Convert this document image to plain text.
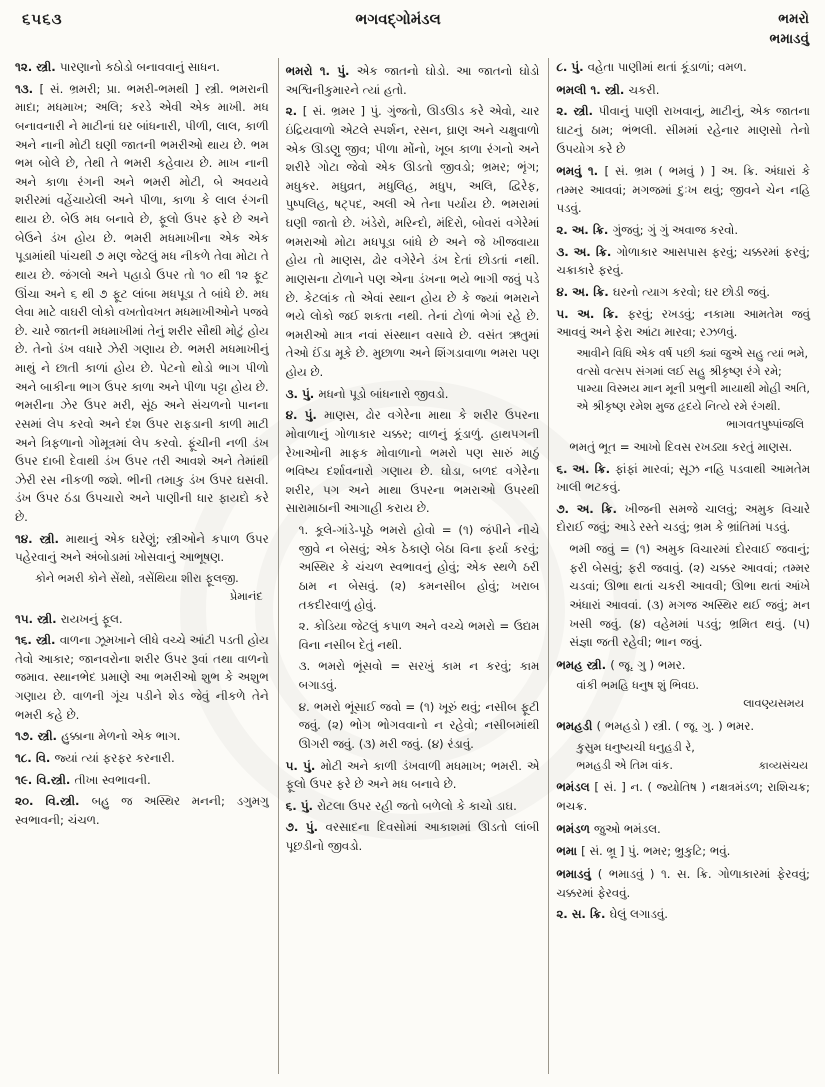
૬૫૬૩	ભગવદ્ગોમંડલ	ભમરો
ભમાડવું

૧૨. સ્ત્રી. પારણાનો કઠોડો બનાવવાનું સાધન.

૧૩. [ સં. ભ્રમરી; પ્રા. ભમરી-ભમથી ] સ્ત્રી. ભમરાની માદા; મધમાખ; અલિ; કરડે એવી એક માખી. મધ બનાવનારી ને માટીનાં ઘર બાંધનારી, પીળી, લાલ, કાળી અને નાની મોટી ઘણી જાતની ભમરીઓ થાય છે. ભમ ભમ બોલે છે, તેથી તે ભમરી કહેવાય છે. માખ નાની અને કાળા રંગની અને ભમરી મોટી, બે અવયવે શરીરમાં વહેંચાયેલી અને પીળા, કાળા કે લાલ રંગની થાય છે. બેઉ મધ બનાવે છે, ફૂલો ઉપર ફરે છે અને બેઉને ડંખ હોય છે. ભમરી મધમાખીના એક એક પૂડામાંથી પાંચથી ૭ મણ જેટલું મધ નીકળે તેવા મોટા તે થાય છે. જંગલો અને પહાડો ઉપર તો ૧૦ થી ૧૨ ફૂટ ઊંચા અને ૬ થી ૭ ફૂટ લાંબા મધપૂડા તે બાંધે છે. મધ લેવા માટે વાઘરી લોકો વખતોવખત મધમાખીઓને પજવે છે. ચારે જાતની મધમાખીમાં તેનું શરીર સૌથી મોટું હોય છે. તેનો ડંખ વધારે ઝેરી ગણાય છે. ભમરી મધમાખીનું માથું ને છાતી કાળાં હોય છે. પેટનો થોડો ભાગ પીળો અને બાકીના ભાગ ઉપર કાળા અને પીળા પટ્ટા હોય છે. ભમરીના ઝેર ઉપર મરી, સૂંઠ અને સંચળનો પાનના રસમાં લેપ કરવો અને દંશ ઉપર રાફડાની કાળી માટી અને ત્રિફળાનો ગોમૂત્રમાં લેપ કરવો. ફૂંચીની નળી ડંખ ઉપર દાબી દેવાથી ડંખ ઉપર તરી આવશે અને તેમાંથી ઝેરી રસ નીકળી જશે. ભીની તમાકુ ડંખ ઉપર ઘસવી. ડંખ ઉપર ઠંડા ઉપચારો અને પાણીની ધાર ફાયદો કરે છે.

૧૪. સ્ત્રી. માથાનું એક ઘરેણું; સ્ત્રીઓને કપાળ ઉપર પહેરવાનું અને અંબોડામાં ખોસવાનું આભૂષણ.

કોને ભમરી કોને સેંથો, ત્રસેંથિયા શીરા ફૂલજી.

પ્રેમાનંદ

૧૫. સ્ત્રી. રાયખનું ફૂલ.

૧૬. સ્ત્રી. વાળના ઝૂમખાને લીધે વચ્ચે આંટી પડતી હોય તેવો આકાર; જાનવરોના શરીર ઉપર રૂવાં તથા વાળનો જમાવ. સ્થાનભેદ પ્રમાણે આ ભમરીઓ શુભ કે અશુભ ગણાય છે. વાળની ગૂંચ પડીને શેડ જેવું નીકળે તેને ભમરી કહે છે.

૧૭. સ્ત્રી. હુક્કાના મેળનો એક ભાગ.

૧૮. વિ. જ્યાં ત્યાં ફરફર કરનારી.

૧૯. વિ.સ્ત્રી. તીખા સ્વભાવની.

૨૦. વિ.સ્ત્રી. બહુ જ અસ્થિર મનની; ડગુમગુ સ્વભાવની; ચંચળ.

ભમરો ૧. પું. એક જાતનો ઘોડો. આ જાતનો ઘોડો અશ્વિનીકુમારને ત્યાં હતો.

૨. [ સં. ભ્રમર ] પું. ગુંજતો, ઊડઊડ કરે એવો, ચાર ઇંદ્રિયવાળો એટલે સ્પર્શન, રસન, ઘ્રાણ અને ચક્ષુવાળો એક ઊડણુ જીવ; પીળા મોંનો, ખૂબ કાળા રંગનો અને શરીરે ગોટા જેવો એક ઊડતો જીવડો; ભ્રમર; ભૃંગ; મધુકર. મધુવ્રત, મધુલિહ, મધુપ, અલિ, દ્વિરેફ, પુષ્પલિહ, ષટ્પદ, અલી એ તેના પર્યાય છે. ભમરામાં ઘણી જાતો છે. ખંડેરો, મરિન્દો, મંદિરો, બોવરાં વગેરેમાં ભમરાઓ મોટા મધપૂડા બાંધે છે અને જે ખીજવાયા હોય તો માણસ, ઢોર વગેરેને ડંખ દેતાં છોડતાં નથી. માણસના ટોળાને પણ એના ડંખના ભયે ભાગી જવું પડે છે. કેટલાંક તો એવાં સ્થાન હોય છે કે જ્યાં ભમરાને ભયે લોકો જઈ શકતા નથી. તેનાં ટોળાં ભેગાં રહે છે. ભમરીઓ માત્ર નવાં સંસ્થાન વસાવે છે. વસંત ઋતુમાં તેઓ ઈંડા મૂકે છે. મુછાળા અને શિંગડાવાળા ભમરા પણ હોય છે.

૩. પું. મધનો પૂડો બાંધનારો જીવડો.

૪. પું. માણસ, ઢોર વગેરેના માથા કે શરીર ઉપરના મોવાળાનું ગોળાકાર ચક્કર; વાળનું કૂંડાળું. હાથપગની રેખાઓની માફક મોવાળાનો ભમરો પણ સારું માઠું ભવિષ્ય દર્શાવનારો ગણાય છે. ઘોડા, બળદ વગેરેના શરીર, પગ અને માથા ઉપરના ભમરાઓ ઉપરથી સારામાઠાની આગાહી કરાય છે.

૧. કૂલે-ગાંડે-પૂઠે ભમરો હોવો = (૧) જંપીને નીચે જીવે ન બેસવું; એક ઠેકાણે બેઠા વિના ફર્યા કરવું; અસ્થિર કે ચંચળ સ્વભાવનું હોવું; એક સ્થળે ઠરી ઠામ ન બેસવું. (૨) કમનસીબ હોવું; ખરાબ તકદીરવાળું હોવું.

૨. કોડિયા જેટલું કપાળ અને વચ્ચે ભમરો = ઉદ્યમ વિના નસીબ દેતું નથી.

૩. ભમરો ભૂંસવો = સરખું કામ ન કરવું; કામ બગાડવું.

૪. ભમરો ભૂંસાઈ જવો = (૧) ખૂરું થવું; નસીબ ફૂટી જવું. (૨) ભોગ ભોગવવાનો ન રહેવો; નસીબમાંથી ઊગરી જવું. (૩) મરી જવું. (૪) રંડાવું.

૫. પું. મોટી અને કાળી ડંખવાળી મધમાખ; ભમરી. એ ફૂલો ઉપર ફરે છે અને મધ બનાવે છે.

૬. પું. રોટલા ઉપર રહી જતો બળેલો કે કાચો ડાઘ.

૭. પું. વરસાદના દિવસોમાં આકાશમાં ઊડતો લાંબી પૂછડીનો જીવડો.

૮. પું. વહેતા પાણીમાં થતાં કૂંડાળાં; વમળ.

ભમલી ૧. સ્ત્રી. ચકરી.

૨. સ્ત્રી. પીવાનું પાણી રાખવાનું, માટીનું, એક જાતના ઘાટનું ઠામ; ભંભલી. સીમમાં રહેનાર માણસો તેનો ઉપયોગ કરે છે

ભમવું ૧. [ સં. ભ્રમ ( ભમવું ) ] અ. ક્રિ. અંધારાં કે તમ્મર આવવાં; મગજમાં દુઃખ થવું; જીવને ચેન નહિ પડવું.

૨. અ. ક્રિ. ગુંજવું; ગું ગું અવાજ કરવો.

૩. અ. ક્રિ. ગોળાકાર આસપાસ ફરવું; ચક્કરમાં ફરવું; ચક્રાકારે ફરવું.

૪. અ. ક્રિ. ઘરનો ત્યાગ કરવો; ઘર છોડી જવું.

૫. અ. ક્રિ. ફરવું; રખડવું; નકામા આમતેમ જવું આવવું અને ફેરા આંટા મારવા; રઝળવું.

આવીને વિધિ એક વર્ષ પછી ક્યાં જુએ સહુ ત્યાં ભમે,

વત્સો વત્સપ સંગમાં લઈ સહુ શ્રીકૃષ્ણ રંગે રમે;

પામ્યા વિસ્મય માન મૂની પ્રભુની માયાથી મોહી અતિ,

એ શ્રીકૃષ્ણ રમેશ મુજ હૃદયે નિત્યે રમે રંગથી.

ભાગવતપુષ્પાંજલિ

ભમતું ભૂત = આખો દિવસ રખડ્યા કરતું માણસ.

૬. અ. ક્રિ. ફાંફાં મારવાં; સૂઝ નહિ પડવાથી આમતેમ ખાલી ભટકવું.

૭. અ. ક્રિ. ખીજની સમજે ચાલવું; અમુક વિચારે દોરાઈ જવું; આડે રસ્તે ચડવું; ભ્રમ કે ભ્રાંતિમાં પડવું.

ભમી જવું = (૧) અમુક વિચારમાં દોરવાઈ જવાનું; ફરી બેસવું; ફરી જવાવું. (૨) ચક્કર આવવાં; તમ્મર ચડવાં; ઊભા થતાં ચકરી આવવી; ઊભા થતાં આંખે અંધારાં આવવાં. (૩) મગજ અસ્થિર થઈ જવું; મન ખસી જવું. (૪) વહેમમાં પડવું; ભ્રમિત થવું. (૫) સંજ્ઞા જતી રહેવી; ભાન જવું.

ભમહ સ્ત્રી. ( જૂ. ગુ ) ભમર.

વાંકી ભમહિ ધનુષ શું ભિવઇ.

લાવણ્યસમય

ભમહડી ( ભમહડો ) સ્ત્રી. ( જૂ. ગુ. ) ભમર.

કુસુમ ધનુષ્યચી ધનુહડી રે,

ભમહડી એ તિમ વાંક.	કાવ્યસંચય

ભમંડલ [ સં. ] ન. ( જ્યોતિષ ) નક્ષત્રમંડળ; રાશિચક્ર; ભચક્ર.

ભમંડળ જુઓ ભમંડલ.

ભમા [ સં. ભ્રૂ ] પું. ભમર; ભ્રુકુટિ; ભવું.

ભમાડવું ( ભમાડવું ) ૧. સ. ક્રિ. ગોળાકારમાં ફેરવવું; ચક્કરમાં ફેરવવું.

૨. સ. ક્રિ. ઘેલું લગાડવું.
